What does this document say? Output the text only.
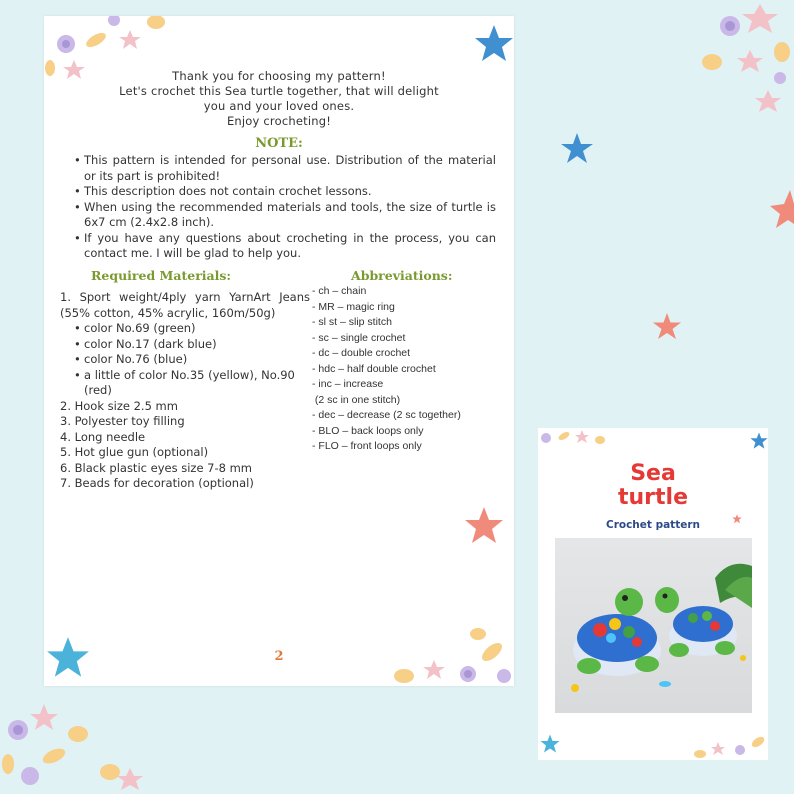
Thank you for choosing my pattern!
Let's crochet this Sea turtle together, that will delight
you and your loved ones.
Enjoy crocheting!
NOTE:
• This pattern is intended for personal use. Distribution of the material or its part is prohibited!
• This description does not contain crochet lessons.
• When using the recommended materials and tools, the size of turtle is 6x7 cm (2.4x2.8 inch).
• If you have any questions about crocheting in the process, you can contact me. I will be glad to help you.
Required Materials:	Abbreviations:
1. Sport weight/4ply yarn YarnArt Jeans (55% cotton, 45% acrylic, 160m/50g)
• color No.69 (green)
• color No.17 (dark blue)
• color No.76 (blue)
• a little of color No.35 (yellow), No.90 (red)
2. Hook size 2.5 mm
3. Polyester toy filling
4. Long needle
5. Hot glue gun (optional)
6. Black plastic eyes size 7-8 mm
7. Beads for decoration (optional)
- ch – chain
- MR – magic ring
- sl st – slip stitch
- sc – single crochet
- dc – double crochet
- hdc – half double crochet
- inc – increase
(2 sc in one stitch)
- dec – decrease (2 sc together)
- BLO – back loops only
- FLO – front loops only
2
Sea
turtle
Crochet pattern
